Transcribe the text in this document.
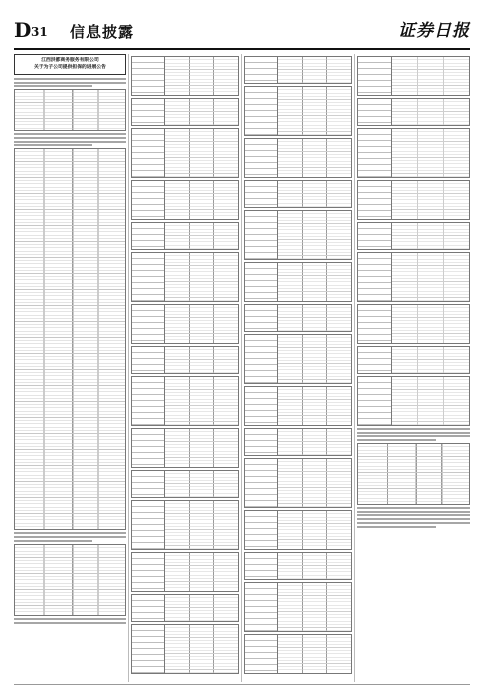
D 31 信息披露	证券日报
江西洪都商务服务有限公司
关于为子公司提供担保的进展公告
